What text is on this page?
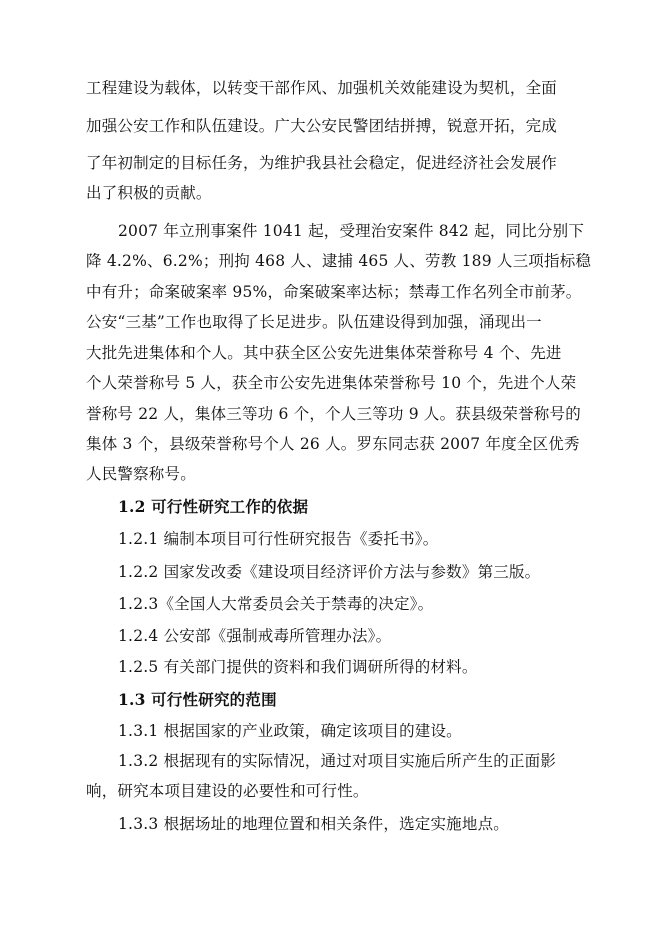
工程建设为载体，以转变干部作风、加强机关效能建设为契机，全面
加强公安工作和队伍建设。广大公安民警团结拼搏，锐意开拓，完成
了年初制定的目标任务，为维护我县社会稳定，促进经济社会发展作
出了积极的贡献。
2007 年立刑事案件 1041 起，受理治安案件 842 起，同比分别下
降 4.2%、6.2%；刑拘 468 人、逮捕 465 人、劳教 189 人三项指标稳
中有升；命案破案率 95%，命案破案率达标；禁毒工作名列全市前茅。
公安“三基”工作也取得了长足进步。队伍建设得到加强，涌现出一
大批先进集体和个人。其中获全区公安先进集体荣誉称号 4 个、先进
个人荣誉称号 5 人，获全市公安先进集体荣誉称号 10 个，先进个人荣
誉称号 22 人，集体三等功 6 个，个人三等功 9 人。获县级荣誉称号的
集体 3 个，县级荣誉称号个人 26 人。罗东同志获 2007 年度全区优秀
人民警察称号。
1.2 可行性研究工作的依据
1.2.1 编制本项目可行性研究报告《委托书》。
1.2.2 国家发改委《建设项目经济评价方法与参数》第三版。
1.2.3《全国人大常委员会关于禁毒的决定》。
1.2.4 公安部《强制戒毒所管理办法》。
1.2.5 有关部门提供的资料和我们调研所得的材料。
1.3 可行性研究的范围
1.3.1 根据国家的产业政策，确定该项目的建设。
1.3.2 根据现有的实际情况，通过对项目实施后所产生的正面影
响，研究本项目建设的必要性和可行性。
1.3.3 根据场址的地理位置和相关条件，选定实施地点。
